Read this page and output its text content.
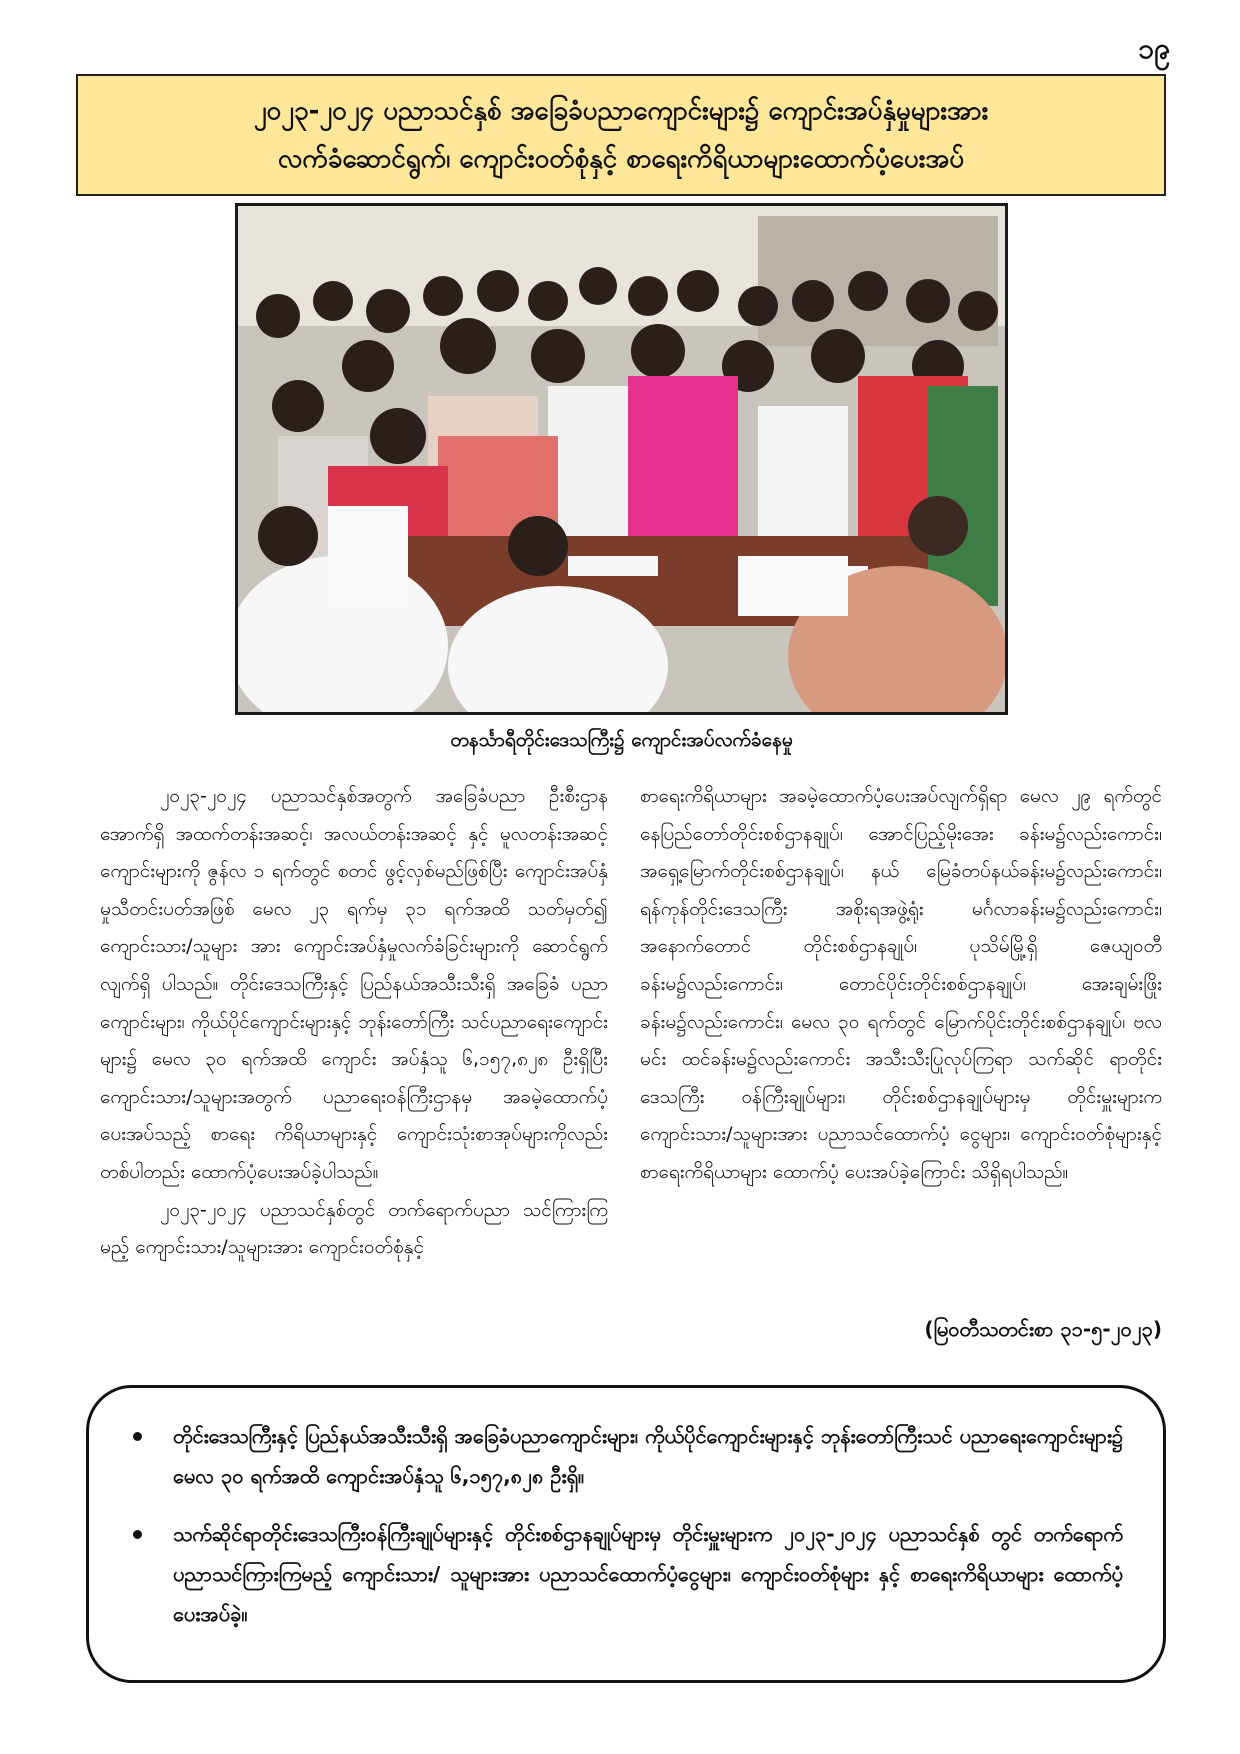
၁၉
၂၀၂၃-၂၀၂၄ ပညာသင်နှစ် အခြေခံပညာကျောင်းများ၌ ကျောင်းအပ်နှံမှုများအား
လက်ခံဆောင်ရွက်၊ ကျောင်းဝတ်စုံနှင့် စာရေးကိရိယာများထောက်ပံ့ပေးအပ်
တနင်္သာရီတိုင်းဒေသကြီး၌ ကျောင်းအပ်လက်ခံနေမှု

၂၀၂၃-၂၀၂၄ ပညာသင်နှစ်အတွက် အခြေခံပညာ ဦးစီးဌာနအောက်ရှိ အထက်တန်းအဆင့်၊ အလယ်တန်းအဆင့် နှင့် မူလတန်းအဆင့်ကျောင်းများကို ဇွန်လ ၁ ရက်တွင် စတင် ဖွင့်လှစ်မည်ဖြစ်ပြီး ကျောင်းအပ်နှံမှုသီတင်းပတ်အဖြစ် မေလ ၂၃ ရက်မှ ၃၁ ရက်အထိ သတ်မှတ်၍ ကျောင်းသား/သူများ အား ကျောင်းအပ်နှံမှုလက်ခံခြင်းများကို ဆောင်ရွက်လျက်ရှိ ပါသည်။ တိုင်းဒေသကြီးနှင့် ပြည်နယ်အသီးသီးရှိ အခြေခံ ပညာကျောင်းများ၊ ကိုယ်ပိုင်ကျောင်းများနှင့် ဘုန်းတော်ကြီး သင်ပညာရေးကျောင်းများ၌ မေလ ၃၀ ရက်အထိ ကျောင်း အပ်နှံသူ ၆,၁၅၇,၈၂၈ ဦးရှိပြီး ကျောင်းသား/သူများအတွက် ပညာရေးဝန်ကြီးဌာနမှ အခမဲ့ထောက်ပံ့ပေးအပ်သည့် စာရေး ကိရိယာများနှင့် ကျောင်းသုံးစာအုပ်များကိုလည်း တစ်ပါတည်း ထောက်ပံ့ပေးအပ်ခဲ့ပါသည်။

၂၀၂၃-၂၀၂၄ ပညာသင်နှစ်တွင် တက်ရောက်ပညာ သင်ကြားကြမည့် ကျောင်းသား/သူများအား ကျောင်းဝတ်စုံနှင့်

စာရေးကိရိယာများ အခမဲ့ထောက်ပံ့ပေးအပ်လျက်ရှိရာ မေလ ၂၉ ရက်တွင် နေပြည်တော်တိုင်းစစ်ဌာနချုပ်၊ အောင်ပြည့်မိုးအေး ခန်းမ၌လည်းကောင်း၊ အရှေ့မြောက်တိုင်းစစ်ဌာနချုပ်၊ နယ် မြေခံတပ်နယ်ခန်းမ၌လည်းကောင်း၊ ရန်ကုန်တိုင်းဒေသကြီး အစိုးရအဖွဲ့ရုံး မင်္ဂလာခန်းမ၌လည်းကောင်း၊ အနောက်တောင် တိုင်းစစ်ဌာနချုပ်၊ ပုသိမ်မြို့ရှိ ဇေယျဝတီခန်းမ၌လည်းကောင်း၊ တောင်ပိုင်းတိုင်းစစ်ဌာနချုပ်၊ အေးချမ်းဖြိုးခန်းမ၌လည်းကောင်း၊ မေလ ၃၀ ရက်တွင် မြောက်ပိုင်းတိုင်းစစ်ဌာနချုပ်၊ ဗလမင်း ထင်ခန်းမ၌လည်းကောင်း အသီးသီးပြုလုပ်ကြရာ သက်ဆိုင် ရာတိုင်းဒေသကြီး ဝန်ကြီးချုပ်များ၊ တိုင်းစစ်ဌာနချုပ်များမှ တိုင်းမှူးများက ကျောင်းသား/သူများအား ပညာသင်ထောက်ပံ့ ငွေများ၊ ကျောင်းဝတ်စုံများနှင့် စာရေးကိရိယာများ ထောက်ပံ့ ပေးအပ်ခဲ့ကြောင်း သိရှိရပါသည်။

(မြဝတီသတင်းစာ ၃၁-၅-၂၀၂၃)
တိုင်းဒေသကြီးနှင့် ပြည်နယ်အသီးသီးရှိ အခြေခံပညာကျောင်းများ၊ ကိုယ်ပိုင်ကျောင်းများနှင့် ဘုန်းတော်ကြီးသင် ပညာရေးကျောင်းများ၌ မေလ ၃၀ ရက်အထိ ကျောင်းအပ်နှံသူ ၆,၁၅၇,၈၂၈ ဦးရှိ။
သက်ဆိုင်ရာတိုင်းဒေသကြီးဝန်ကြီးချုပ်များနှင့် တိုင်းစစ်ဌာနချုပ်များမှ တိုင်းမှူးများက ၂၀၂၃-၂၀၂၄ ပညာသင်နှစ် တွင် တက်ရောက်ပညာသင်ကြားကြမည့် ကျောင်းသား/ သူများအား ပညာသင်ထောက်ပံ့ငွေများ၊ ကျောင်းဝတ်စုံများ နှင့် စာရေးကိရိယာများ ထောက်ပံ့ပေးအပ်ခဲ့။
